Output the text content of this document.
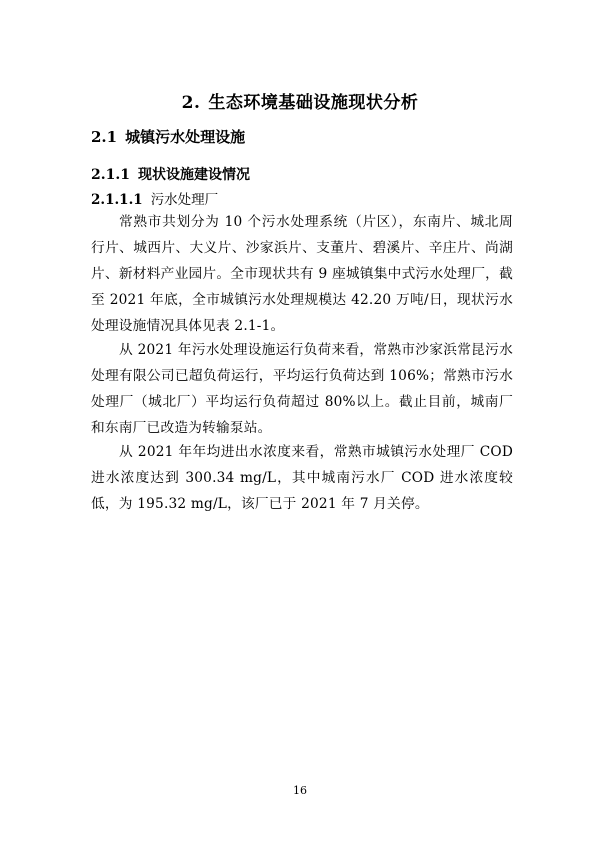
2. 生态环境基础设施现状分析
2.1 城镇污水处理设施
2.1.1 现状设施建设情况
2.1.1.1 污水处理厂

常熟市共划分为 10 个污水处理系统（片区），东南片、城北周行片、城西片、大义片、沙家浜片、支董片、碧溪片、辛庄片、尚湖片、新材料产业园片。全市现状共有 9 座城镇集中式污水处理厂，截至 2021 年底，全市城镇污水处理规模达 42.20 万吨/日，现状污水处理设施情况具体见表 2.1-1。

从 2021 年污水处理设施运行负荷来看，常熟市沙家浜常昆污水处理有限公司已超负荷运行，平均运行负荷达到 106%；常熟市污水处理厂（城北厂）平均运行负荷超过 80%以上。截止目前，城南厂和东南厂已改造为转输泵站。

从 2021 年年均进出水浓度来看，常熟市城镇污水处理厂 COD 进水浓度达到 300.34 mg/L，其中城南污水厂 COD 进水浓度较低，为 195.32 mg/L，该厂已于 2021 年 7 月关停。

16
